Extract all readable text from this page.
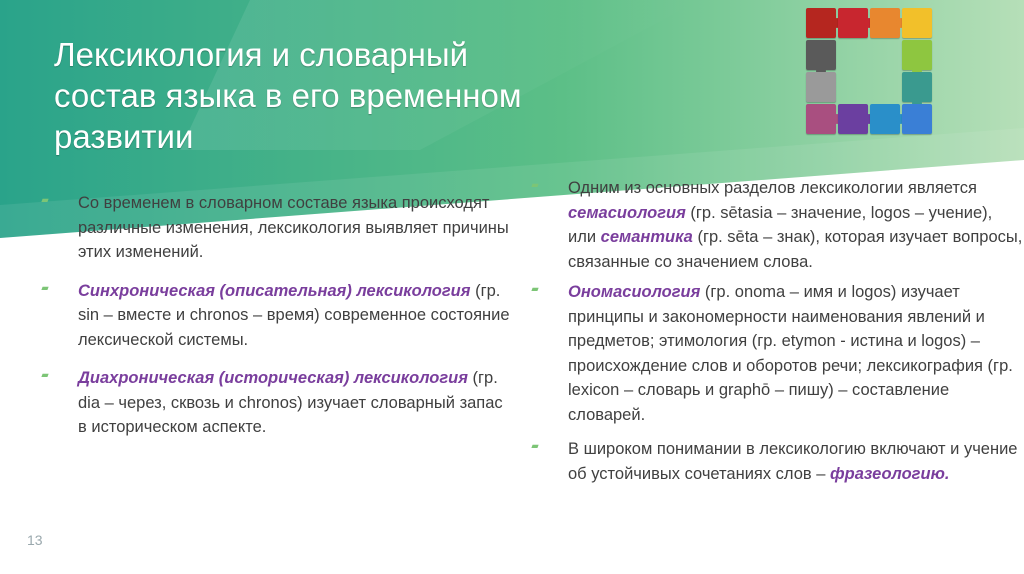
Лексикология и словарный
состав языка в его временном
развитии
▬
Со временем в словарном составе языка происходят различные изменения, лексикология выявляет причины этих изменений.
▬
Синхроническая (описательная) лексикология (гр. sin – вместе и chronos – время) современное состояние лексической системы.
▬
Диахроническая (историческая) лексикология (гр. dia – через, сквозь и chronos) изучает словарный запас в историческом аспекте.
▬
Одним из основных разделов лексикологии является семасиология (гр. sētasia – значение, logos – учение), или семантика (гр. sēta – знак), которая изучает вопросы, связанные со значением слова.
▬
Ономасиология (гр. onoma – имя и logos) изучает принципы и закономерности наименования явлений и предметов; этимология (гр. etymon - истина и logos) – происхождение слов и оборотов речи; лексикография (гр. lexicon – словарь и graphō – пишу) – составление словарей.
▬
В широком понимании в лексикологию включают и учение об устойчивых сочетаниях слов – фразеологию.
13
